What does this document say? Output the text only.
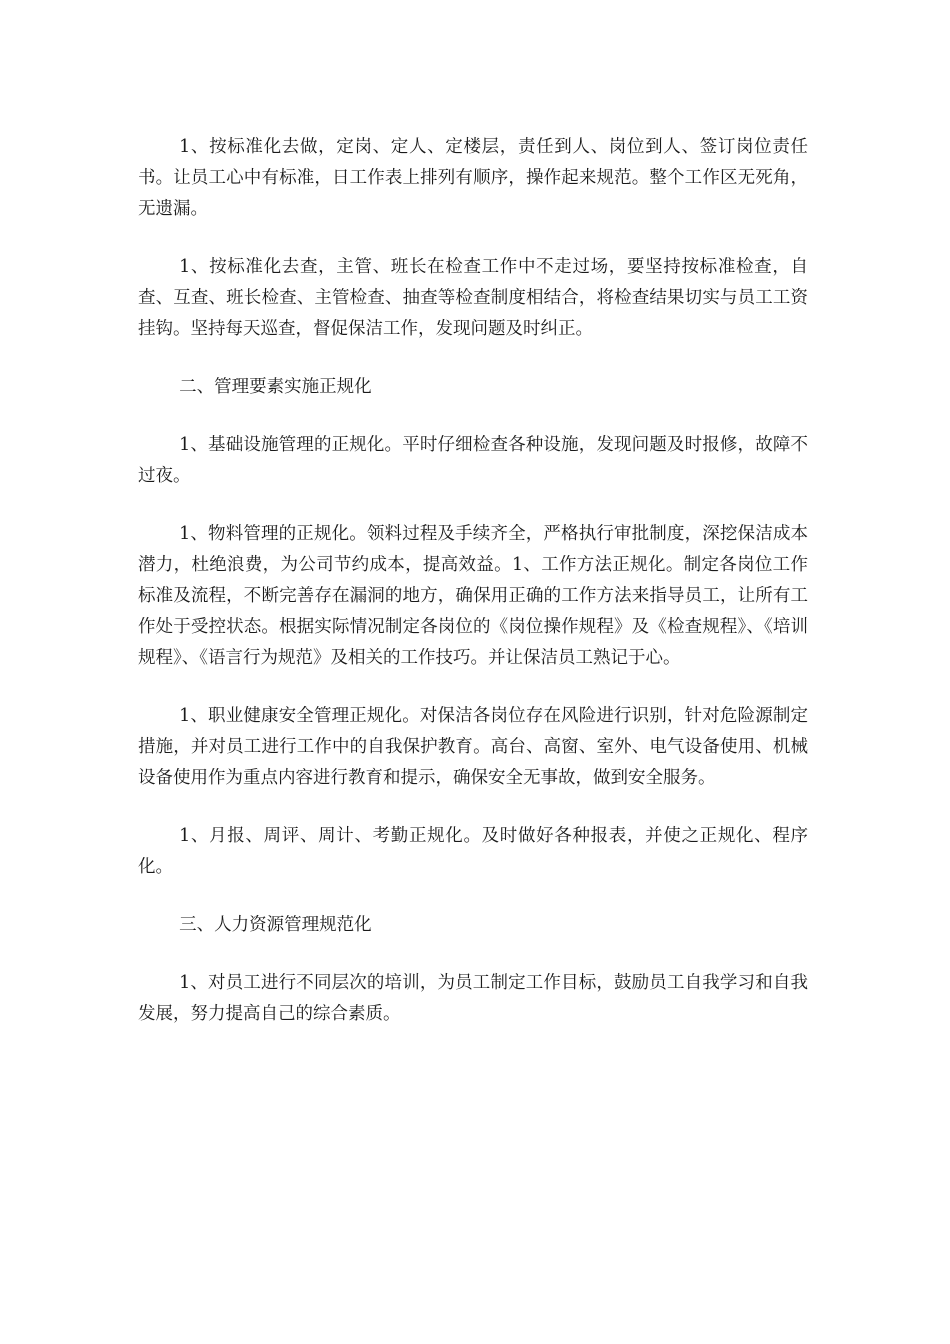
1、按标准化去做，定岗、定人、定楼层，责任到人、岗位到人、签订岗位责任书。让员工心中有标准，日工作表上排列有顺序，操作起来规范。整个工作区无死角，无遗漏。

1、按标准化去查，主管、班长在检查工作中不走过场，要坚持按标准检查，自查、互查、班长检查、主管检查、抽查等检查制度相结合，将检查结果切实与员工工资挂钩。坚持每天巡查，督促保洁工作，发现问题及时纠正。

二、管理要素实施正规化

1、基础设施管理的正规化。平时仔细检查各种设施，发现问题及时报修，故障不过夜。

1、物料管理的正规化。领料过程及手续齐全，严格执行审批制度，深挖保洁成本潜力，杜绝浪费，为公司节约成本，提高效益。1、工作方法正规化。制定各岗位工作标准及流程，不断完善存在漏洞的地方，确保用正确的工作方法来指导员工，让所有工作处于受控状态。根据实际情况制定各岗位的《岗位操作规程》及《检查规程》、《培训规程》、《语言行为规范》及相关的工作技巧。并让保洁员工熟记于心。

1、职业健康安全管理正规化。对保洁各岗位存在风险进行识别，针对危险源制定措施，并对员工进行工作中的自我保护教育。高台、高窗、室外、电气设备使用、机械设备使用作为重点内容进行教育和提示，确保安全无事故，做到安全服务。

1、月报、周评、周计、考勤正规化。及时做好各种报表，并使之正规化、程序化。

三、人力资源管理规范化

1、对员工进行不同层次的培训，为员工制定工作目标，鼓励员工自我学习和自我发展，努力提高自己的综合素质。
